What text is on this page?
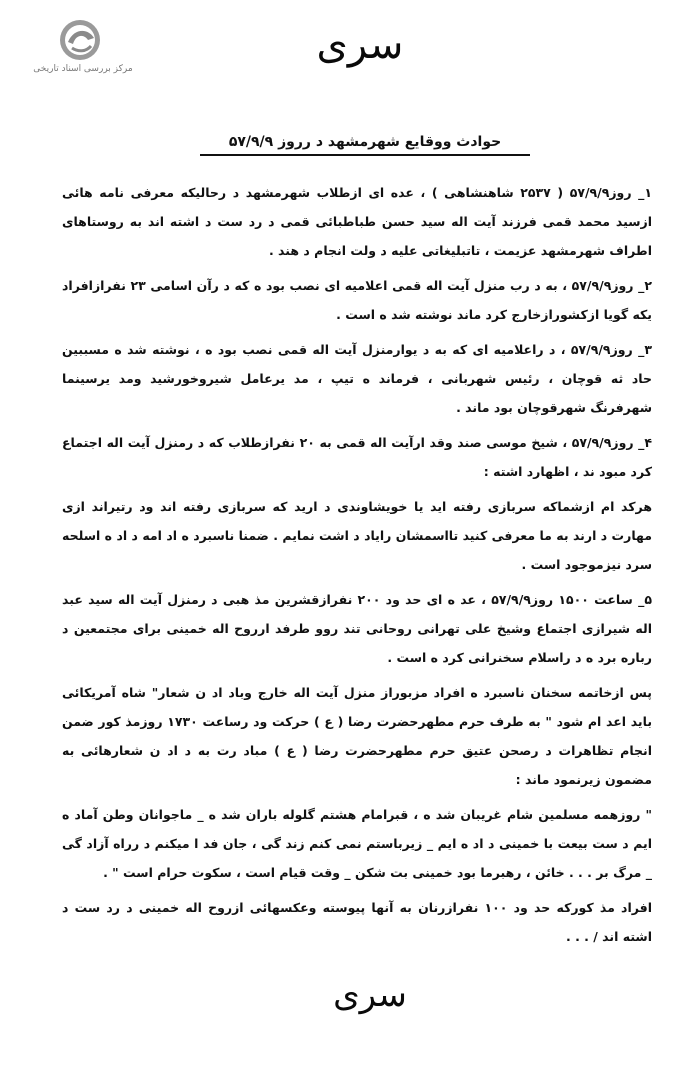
مرکز بررسی اسناد تاریخی
سری
حوادث ووقایع شهرمشهد د رروز ۵۷/۹/۹

۱_ روز۵۷/۹/۹ ( ۲۵۳۷ شاهنشاهی ) ، عده ای ازطلاب شهرمشهد د رحالیکه معرفی نامه هائی ازسید محمد قمی فرزند آیت اله سید حسن طباطبائی قمی د رد ست د اشته اند به روستاهای اطراف شهرمشهد عزیمت ، تاتبلیغاتی علیه د ولت انجام د هند .

۲_ روز۵۷/۹/۹ ، به د رب منزل آیت اله قمی اعلامیه ای نصب بود ه که د رآن اسامی ۲۳ نفرازافراد یکه گویا ازکشورازخارج کرد ماند نوشته شد ه است .

۳_ روز۵۷/۹/۹ ، د راعلامیه ای که به د یوارمنزل آیت اله قمی نصب بود ه ، نوشته شد ه مسببین حاد ثه قوچان ، رئیس شهربانی ، فرماند ه تیپ ، مد یرعامل شیروخورشید ومد یرسینما شهرفرنگ شهرقوچان بود ماند .

۴_ روز۵۷/۹/۹ ، شیخ موسی صند وقد ارآیت اله قمی به ۲۰ نفرازطلاب که د رمنزل آیت اله اجتماع کرد مبود ند ، اظهارد اشته :

هرکد ام ازشماکه سربازی رفته اید یا خویشاوندی د ارید که سربازی رفته اند ود رتیراند ازی مهارت د ارند به ما معرفی کنید تااسمشان رایاد د اشت نمایم . ضمنا ناسبرد ه اد امه د اد ه اسلحه سرد نیزموجود است .

۵_ ساعت ۱۵۰۰ روز۵۷/۹/۹ ، عد ه ای حد ود ۲۰۰ نفرازقشرین مذ هبی د رمنزل آیت اله سید عبد اله شیرازی اجتماع وشیخ علی تهرانی روحانی تند روو طرفد ارروح اله خمینی برای مجتمعین د رباره برد ه د راسلام سخنرانی کرد ه است .

پس ازخاتمه سخنان ناسبرد ه افراد مزبوراز منزل آیت اله خارج وباد اد ن شعار" شاه آمریکائی باید اعد ام شود " به طرف حرم مطهرحضرت رضا ( ع ) حرکت ود رساعت ۱۷۳۰ روزمذ کور ضمن انجام تظاهرات د رصحن عتیق حرم مطهرحضرت رضا ( ع ) مباد رت به د اد ن شعارهائی به مضمون زیرنمود ماند :

" روزهمه مسلمین شام غریبان شد ه ، قبرامام هشتم گلوله باران شد ه _ ماجوانان وطن آماد ه ایم د ست بیعت با خمینی د اد ه ایم _ زیرباستم نمی کنم زند گی ، جان فد ا میکنم د رراه آزاد گی _ مرگ بر . . . خائن ، رهبرما بود خمینی بت شکن _ وقت قیام است ، سکوت حرام است " .

افراد مذ کورکه حد ود ۱۰۰ نفرازرنان به آنها پیوسته وعکسهائی ازروح اله خمینی د رد ست د اشته اند / . . .

سری
